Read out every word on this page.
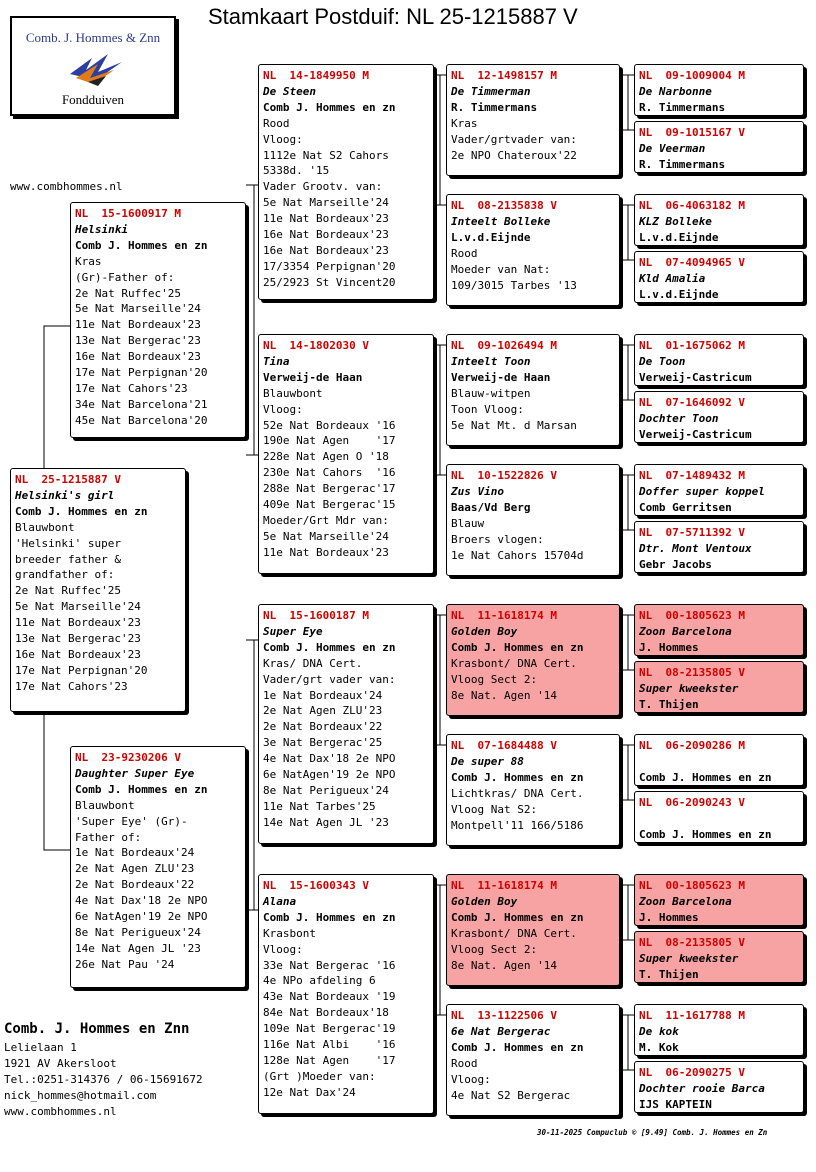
Stamkaart Postduif: NL 25-1215887 V
Comb. J. Hommes & Znn
Fondduiven
www.combhommes.nl
NL  25-1215887 V
Helsinki's girl
Comb J. Hommes en zn
Blauwbont
'Helsinki' super
breeder father &
grandfather of:
2e Nat Ruffec'25
5e Nat Marseille'24
11e Nat Bordeaux'23
13e Nat Bergerac'23
16e Nat Bordeaux'23
17e Nat Perpignan'20
17e Nat Cahors'23
NL  15-1600917 M
Helsinki
Comb J. Hommes en zn
Kras
(Gr)-Father of:
2e Nat Ruffec'25
5e Nat Marseille'24
11e Nat Bordeaux'23
13e Nat Bergerac'23
16e Nat Bordeaux'23
17e Nat Perpignan'20
17e Nat Cahors'23
34e Nat Barcelona'21
45e Nat Barcelona'20
NL  23-9230206 V
Daughter Super Eye
Comb J. Hommes en zn
Blauwbont
'Super Eye' (Gr)-
Father of:
1e Nat Bordeaux'24
2e Nat Agen ZLU'23
2e Nat Bordeaux'22
4e Nat Dax'18 2e NPO
6e NatAgen'19 2e NPO
8e Nat Perigueux'24
14e Nat Agen JL '23
26e Nat Pau '24
NL  14-1849950 M
De Steen
Comb J. Hommes en zn
Rood
Vloog:
1112e Nat S2 Cahors
5338d. '15
Vader Grootv. van:
5e Nat Marseille'24
11e Nat Bordeaux'23
16e Nat Bordeaux'23
16e Nat Bordeaux'23
17/3354 Perpignan'20
25/2923 St Vincent20
NL  14-1802030 V
Tina
Verweij-de Haan
Blauwbont
Vloog:
52e Nat Bordeaux '16
190e Nat Agen    '17
228e Nat Agen O '18
230e Nat Cahors  '16
288e Nat Bergerac'17
409e Nat Bergerac'15
Moeder/Grt Mdr van:
5e Nat Marseille'24
11e Nat Bordeaux'23
NL  15-1600187 M
Super Eye
Comb J. Hommes en zn
Kras/ DNA Cert.
Vader/grt vader van:
1e Nat Bordeaux'24
2e Nat Agen ZLU'23
2e Nat Bordeaux'22
3e Nat Bergerac'25
4e Nat Dax'18 2e NPO
6e NatAgen'19 2e NPO
8e Nat Perigueux'24
11e Nat Tarbes'25
14e Nat Agen JL '23
NL  15-1600343 V
Alana
Comb J. Hommes en zn
Krasbont
Vloog:
33e Nat Bergerac '16
4e NPo afdeling 6
43e Nat Bordeaux '19
84e Nat Bordeaux'18
109e Nat Bergerac'19
116e Nat Albi    '16
128e Nat Agen    '17
(Grt )Moeder van:
12e Nat Dax'24
NL  12-1498157 M
De Timmerman
R. Timmermans
Kras
Vader/grtvader van:
2e NPO Chateroux'22
NL  08-2135838 V
Inteelt Bolleke
L.v.d.Eijnde
Rood
Moeder van Nat:
109/3015 Tarbes '13
NL  09-1026494 M
Inteelt Toon
Verweij-de Haan
Blauw-witpen
Toon Vloog:
5e Nat Mt. d Marsan
NL  10-1522826 V
Zus Vino
Baas/Vd Berg
Blauw
Broers vlogen:
1e Nat Cahors 15704d
NL  11-1618174 M
Golden Boy
Comb J. Hommes en zn
Krasbont/ DNA Cert.
Vloog Sect 2:
8e Nat. Agen '14
NL  07-1684488 V
De super 88
Comb J. Hommes en zn
Lichtkras/ DNA Cert.
Vloog Nat S2:
Montpell'11 166/5186
NL  11-1618174 M
Golden Boy
Comb J. Hommes en zn
Krasbont/ DNA Cert.
Vloog Sect 2:
8e Nat. Agen '14
NL  13-1122506 V
6e Nat Bergerac
Comb J. Hommes en zn
Rood
Vloog:
4e Nat S2 Bergerac
NL  09-1009004 M
De Narbonne
R. Timmermans
NL  09-1015167 V
De Veerman
R. Timmermans
NL  06-4063182 M
KLZ Bolleke
L.v.d.Eijnde
NL  07-4094965 V
Kld Amalia
L.v.d.Eijnde
NL  01-1675062 M
De Toon
Verweij-Castricum
NL  07-1646092 V
Dochter Toon
Verweij-Castricum
NL  07-1489432 M
Doffer super koppel
Comb Gerritsen
NL  07-5711392 V
Dtr. Mont Ventoux
Gebr Jacobs
NL  00-1805623 M
Zoon Barcelona
J. Hommes
NL  08-2135805 V
Super kweekster
T. Thijen
NL  06-2090286 M

Comb J. Hommes en zn
NL  06-2090243 V

Comb J. Hommes en zn
NL  00-1805623 M
Zoon Barcelona
J. Hommes
NL  08-2135805 V
Super kweekster
T. Thijen
NL  11-1617788 M
De kok
M. Kok
NL  06-2090275 V
Dochter rooie Barca
IJS KAPTEIN
Comb. J. Hommes en Znn
Lelielaan 1
1921 AV Akersloot
Tel.:0251-314376 / 06-15691672
nick_hommes@hotmail.com
www.combhommes.nl
30-11-2025 Compuclub © [9.49] Comb. J. Hommes en Zn
